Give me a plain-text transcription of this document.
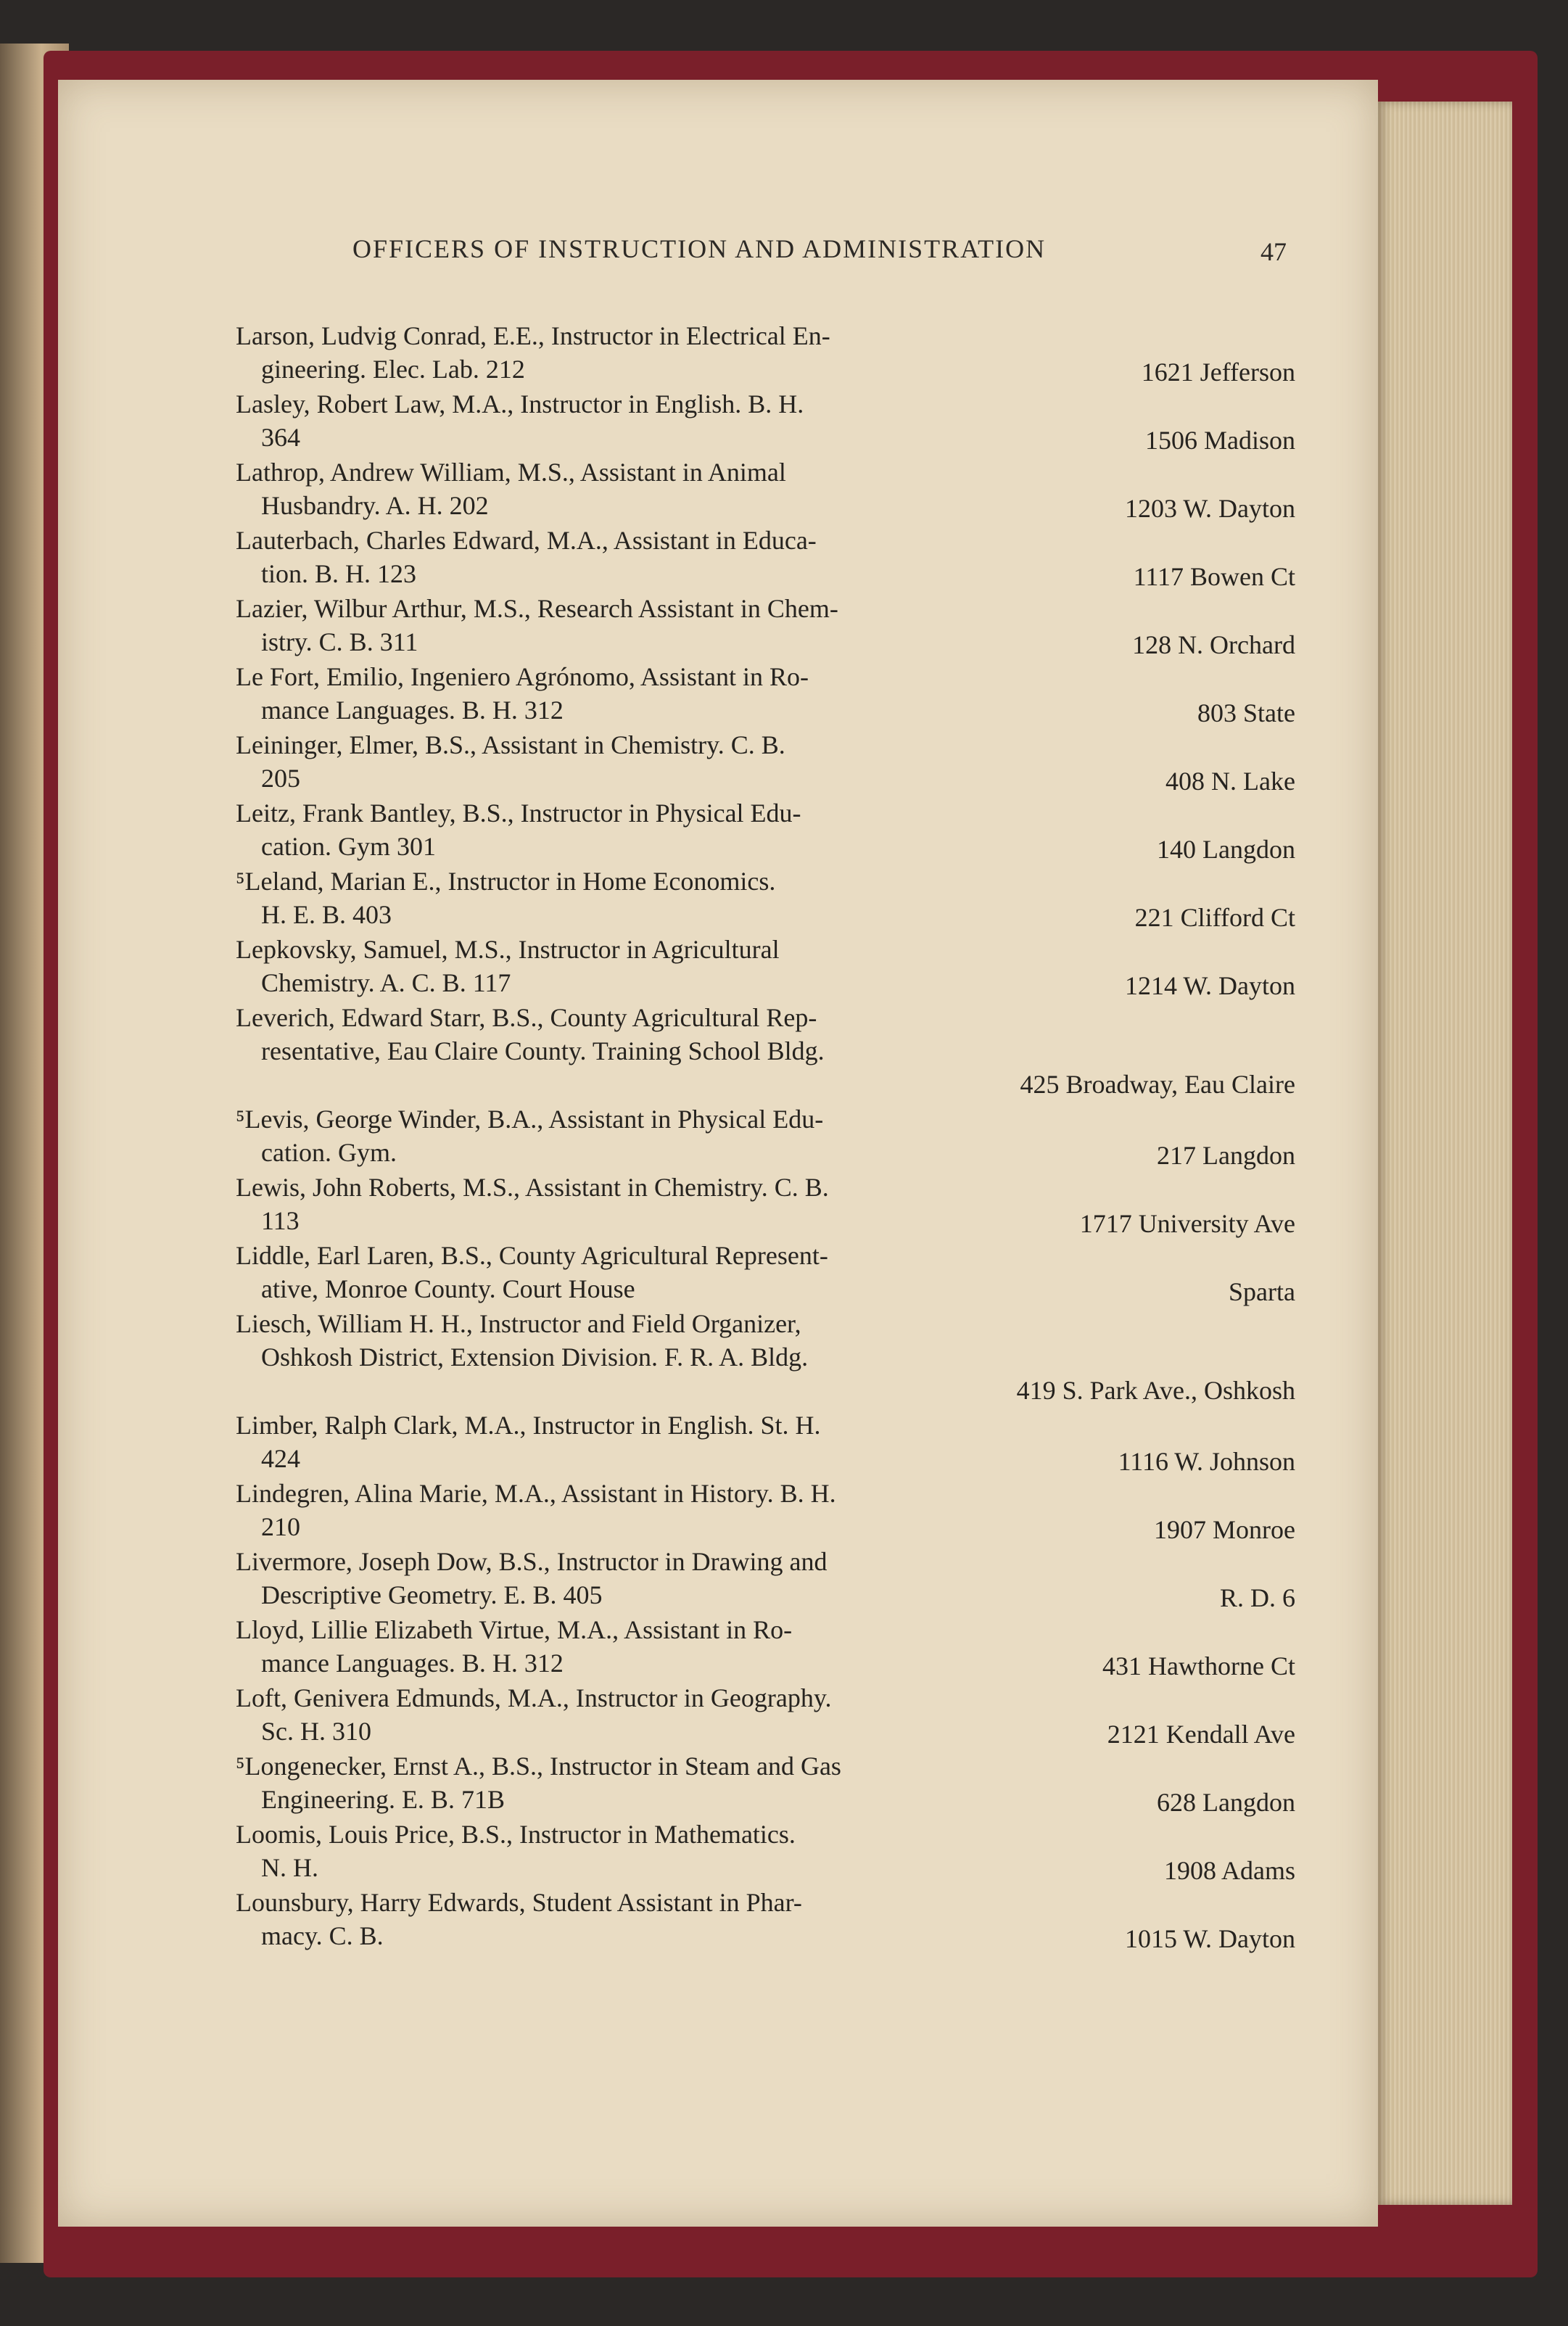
OFFICERS OF INSTRUCTION AND ADMINISTRATION	47
Larson, Ludvig Conrad, E.E., Instructor in Electrical En-
gineering. Elec. Lab. 212	1621 Jefferson
Lasley, Robert Law, M.A., Instructor in English. B. H.
364	1506 Madison
Lathrop, Andrew William, M.S., Assistant in Animal
Husbandry. A. H. 202	1203 W. Dayton
Lauterbach, Charles Edward, M.A., Assistant in Educa-
tion. B. H. 123	1117 Bowen Ct
Lazier, Wilbur Arthur, M.S., Research Assistant in Chem-
istry. C. B. 311	128 N. Orchard
Le Fort, Emilio, Ingeniero Agrónomo, Assistant in Ro-
mance Languages. B. H. 312	803 State
Leininger, Elmer, B.S., Assistant in Chemistry. C. B.
205	408 N. Lake
Leitz, Frank Bantley, B.S., Instructor in Physical Edu-
cation. Gym 301	140 Langdon
⁵Leland, Marian E., Instructor in Home Economics.
H. E. B. 403	221 Clifford Ct
Lepkovsky, Samuel, M.S., Instructor in Agricultural
Chemistry. A. C. B. 117	1214 W. Dayton
Leverich, Edward Starr, B.S., County Agricultural Rep-
resentative, Eau Claire County. Training School Bldg.
425 Broadway, Eau Claire
⁵Levis, George Winder, B.A., Assistant in Physical Edu-
cation. Gym.	217 Langdon
Lewis, John Roberts, M.S., Assistant in Chemistry. C. B.
113	1717 University Ave
Liddle, Earl Laren, B.S., County Agricultural Represent-
ative, Monroe County. Court House	Sparta
Liesch, William H. H., Instructor and Field Organizer,
Oshkosh District, Extension Division. F. R. A. Bldg.
419 S. Park Ave., Oshkosh
Limber, Ralph Clark, M.A., Instructor in English. St. H.
424	1116 W. Johnson
Lindegren, Alina Marie, M.A., Assistant in History. B. H.
210	1907 Monroe
Livermore, Joseph Dow, B.S., Instructor in Drawing and
Descriptive Geometry. E. B. 405	R. D. 6
Lloyd, Lillie Elizabeth Virtue, M.A., Assistant in Ro-
mance Languages. B. H. 312	431 Hawthorne Ct
Loft, Genivera Edmunds, M.A., Instructor in Geography.
Sc. H. 310	2121 Kendall Ave
⁵Longenecker, Ernst A., B.S., Instructor in Steam and Gas
Engineering. E. B. 71B	628 Langdon
Loomis, Louis Price, B.S., Instructor in Mathematics.
N. H.	1908 Adams
Lounsbury, Harry Edwards, Student Assistant in Phar-
macy. C. B.	1015 W. Dayton
